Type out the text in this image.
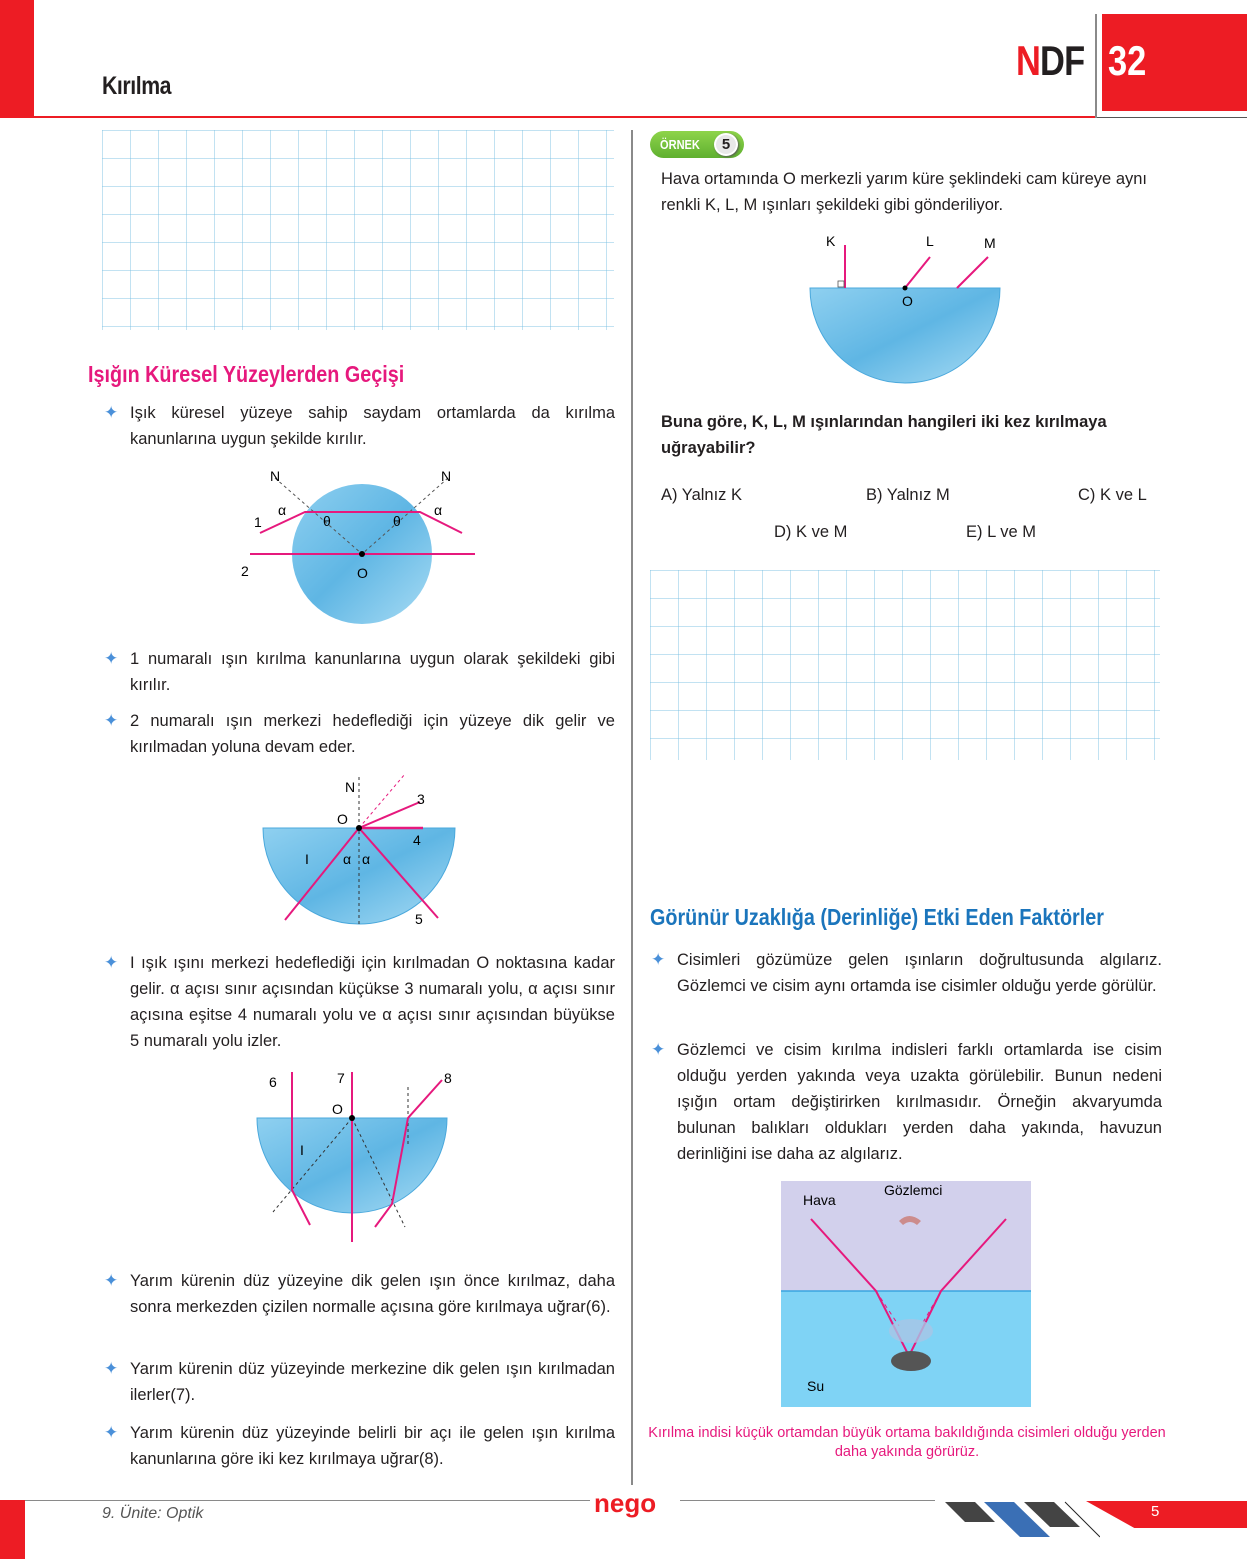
Kırılma
NDF 32
Işığın Küresel Yüzeylerden Geçişi
✦ Işık küresel yüzeye sahip saydam ortamlarda da kırılma kanunlarına uygun şekilde kırılır.

N	N
α	α
θ	θ
1
2	O
✦ 1 numaralı ışın kırılma kanunlarına uygun olarak şekildeki gibi kırılır.

✦ 2 numaralı ışın merkezi hedeflediği için yüzeye dik gelir ve kırılmadan yoluna devam eder.

N
O
3
4
5
I α α
✦ I ışık ışını merkezi hedeflediği için kırılmadan O noktasına kadar gelir. α açısı sınır açısından küçükse 3 numaralı yolu, α açısı sınır açısına eşitse 4 numaralı yolu ve α açısı sınır açısından büyükse 5 numaralı yolu izler.

6	7	8
O
I
✦ Yarım kürenin düz yüzeyine dik gelen ışın önce kırılmaz, daha sonra merkezden çizilen normalle açısına göre kırılmaya uğrar(6).

✦ Yarım kürenin düz yüzeyinde merkezine dik gelen ışın kırılmadan ilerler(7).

✦ Yarım kürenin düz yüzeyinde belirli bir açı ile gelen ışın kırılma kanunlarına göre iki kez kırılmaya uğrar(8).

ÖRNEK	5
Hava ortamında O merkezli yarım küre şeklindeki cam küreye aynı renkli K, L, M ışınları şekildeki gibi gönderiliyor.
K	L	M
O
Buna göre, K, L, M ışınlarından hangileri iki kez kırılmaya uğrayabilir?
A) Yalnız K	B) Yalnız M	C) K ve L
D) K ve M	E) L ve M
Görünür Uzaklığa (Derinliğe) Etki Eden Faktörler
✦ Cisimleri gözümüze gelen ışınların doğrultusunda algılarız. Gözlemci ve cisim aynı ortamda ise cisimler olduğu yerde görülür.

✦ Gözlemci ve cisim kırılma indisleri farklı ortamlarda ise cisim olduğu yerden yakında veya uzakta görülebilir. Bunun nedeni ışığın ortam değiştirirken kırılmasıdır. Örneğin akvaryumda bulunan balıkları oldukları yerden daha yakında, havuzun derinliğini ise daha az algılarız.

Hava
Gözlemci
Su
Kırılma indisi küçük ortamdan büyük ortama bakıldığında cisimleri olduğu yerden daha yakında görürüz.
9. Ünite: Optik	nego	5
